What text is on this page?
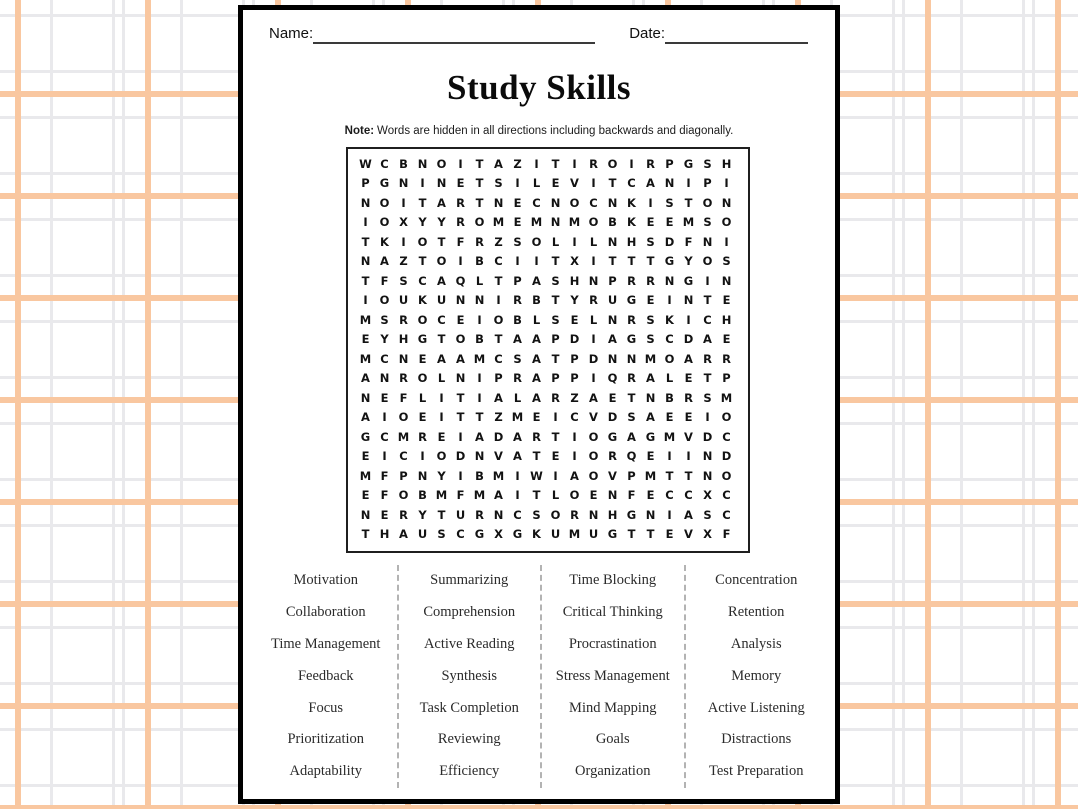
Name:	Date:
Study Skills
Note: Words are hidden in all directions including backwards and diagonally.
W C B N O	I	T A Z	I	T	I	R O	I	R P G S H
P G N	I	N E T S	I	L E V	I	T C A N	I	P	I
N O	I	T A R T N E C N O C N K	I	S T O N
I	O X Y Y R O M E M N M O B K E E M S O
T K	I	O T F R Z S O L	I	L N H S D F N	I
N A Z T O	I	B C	I	I	T X	I	T T T G Y O S
T F S C A Q L T P A S H N P R R N G	I	N
I	O U K U N N	I	R B T Y R U G E	I	N T E
M S R O C E	I	O B L S E L N R S K	I	C H
E Y H G T O B T A A P D	I	A G S C D A E
M C N E A A M C S A T P D N N M O A R R
A N R O L N	I	P R A P P	I	Q R A L E T P
N E F L	I	T	I	A L A R Z A E T N B R S M
A	I	O E	I	T T Z M E	I	C V D S A E E	I	O
G C M R E	I	A D A R T	I	O G A G M V D C
E	I	C	I	O D N V A T E	I	O R Q E	I	I	N D
M F P N Y	I	B M I W I	A O V P M T T N O
E F O B M F M A	I	T L O E N F E C C X C
N E R Y T U R N C S O R N H G N	I	A S C
T H A U S C G X G K U M U G T T E V X F
Motivation
Collaboration
Time Management
Feedback
Focus
Prioritization
Adaptability
Summarizing
Comprehension
Active Reading
Synthesis
Task Completion
Reviewing
Efficiency
Time Blocking
Critical Thinking
Procrastination
Stress Management
Mind Mapping
Goals
Organization
Concentration
Retention
Analysis
Memory
Active Listening
Distractions
Test Preparation
